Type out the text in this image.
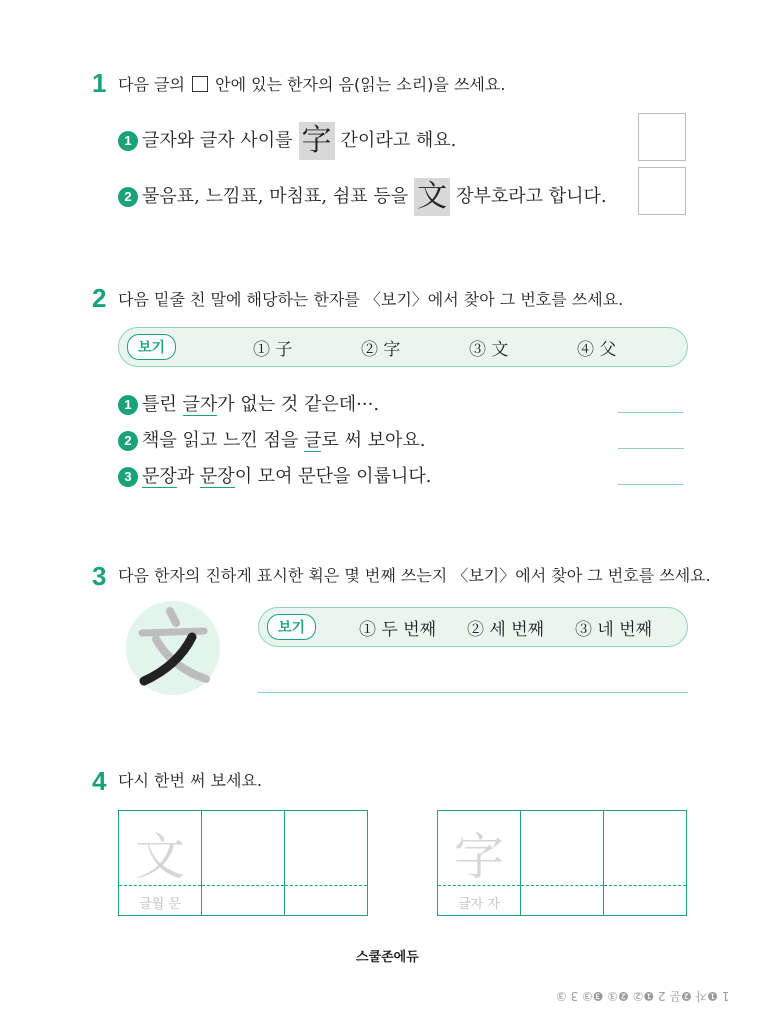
1 다음 글의 안에 있는 한자의 음(읽는 소리)을 쓰세요.
1 글자와 글자 사이를 字 간이라고 해요.
2 물음표, 느낌표, 마침표, 쉼표 등을 文 장부호라고 합니다.
2 다음 밑줄 친 말에 해당하는 한자를 〈보기〉에서 찾아 그 번호를 쓰세요.
보기	① 子	② 字	③ 文	④ 父
1 틀린 글자가 없는 것 같은데···.
2 책을 읽고 느낀 점을 글로 써 보아요.
3 문장과 문장이 모여 문단을 이룹니다.
3 다음 한자의 진하게 표시한 획은 몇 번째 쓰는지 〈보기〉에서 찾아 그 번호를 쓰세요.
보기	① 두 번째 ② 세 번째 ③ 네 번째
4 다시 한번 써 보세요.
文
글월 문
字
글자 자
스쿨존에듀
1 ❶자 ❷문 2 ❶② ❷③ ❸③ 3 ③
